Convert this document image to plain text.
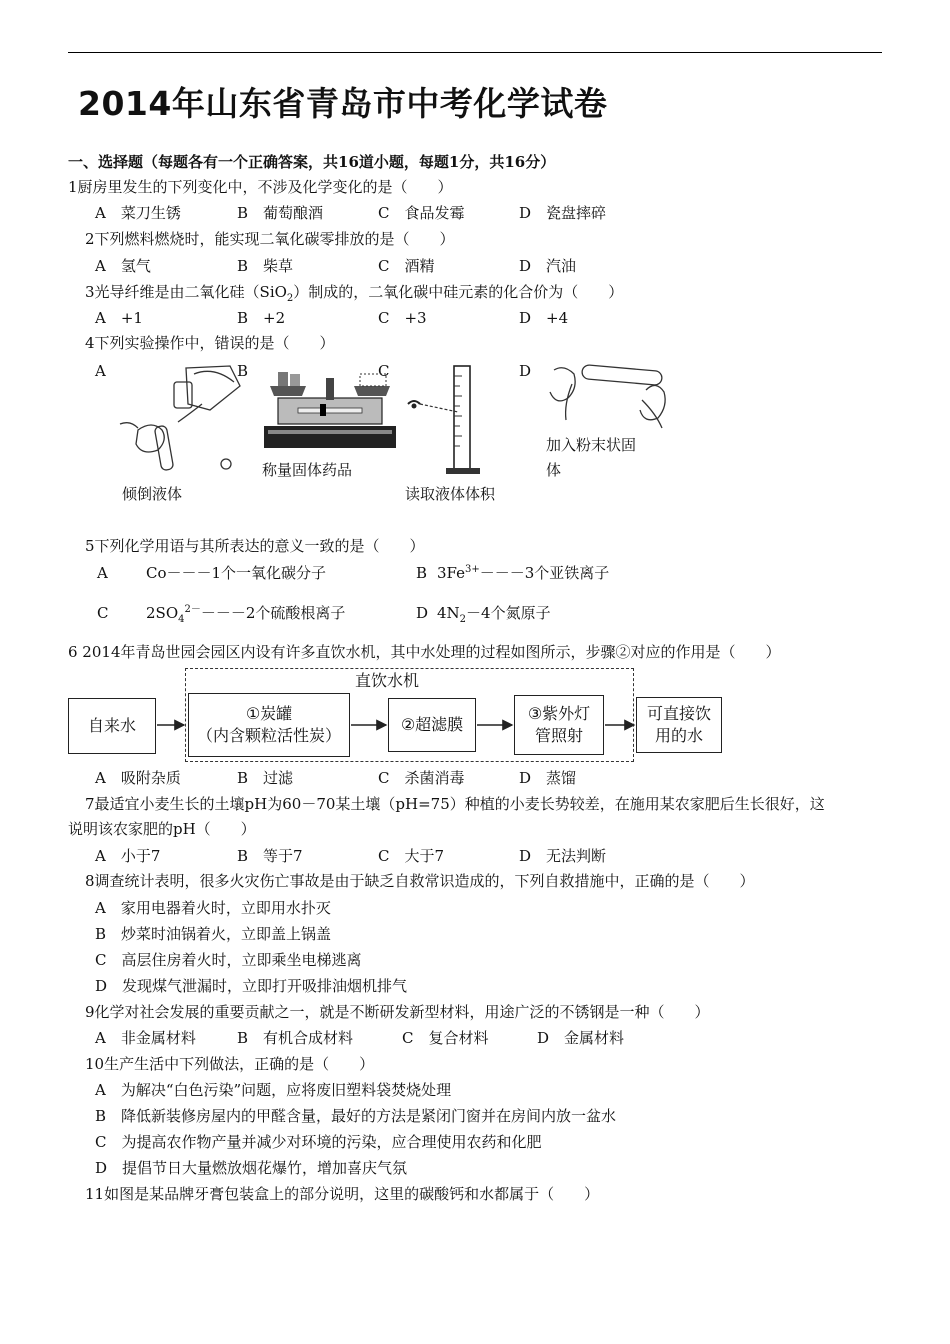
2014年山东省青岛市中考化学试卷
一、选择题（每题各有一个正确答案，共16道小题，每题1分，共16分）
1厨房里发生的下列变化中，不涉及化学变化的是（　　）
A　菜刀生锈	B　葡萄酿酒	C　食品发霉	D　瓷盘摔碎
2下列燃料燃烧时，能实现二氧化碳零排放的是（　　）
A　氢气	B　柴草	C　酒精	D　汽油
3光导纤维是由二氧化硅（SiO$_2$）制成的，二氧化碳中硅元素的化合价为（　　）
A　+1	B　+2	C　+3	D　+4
4下列实验操作中，错误的是（　　）
A	B	C	D
倾倒液体
称量固体药品
读取液体体积
加入粉末状固体
5下列化学用语与其所表达的意义一致的是（　　）
A	Co－－－1个一氧化碳分子	B $3Fe^{3+}---3$个亚铁离子
C	$2SO_4^{2-}---2$个硫酸根离子	D $4N_2-4$个氮原子
6 2014年青岛世园会园区内设有许多直饮水机，其中水处理的过程如图所示，步骤②对应的作用是（　　）
直饮水机
自来水
①炭罐
（内含颗粒活性炭）
②超滤膜
③紫外灯
管照射
可直接饮
用的水
A　吸附杂质	B　过滤	C　杀菌消毒	D　蒸馏
7最适宜小麦生长的土壤pH为60－70某土壤（pH=75）种植的小麦长势较差，在施用某农家肥后生长很好，这
说明该农家肥的pH（　　）
A　小于7	B　等于7	C　大于7	D　无法判断
8调查统计表明，很多火灾伤亡事故是由于缺乏自救常识造成的，下列自救措施中，正确的是（　　）
A　家用电器着火时，立即用水扑灭
B　炒菜时油锅着火，立即盖上锅盖
C　高层住房着火时，立即乘坐电梯逃离
D　发现煤气泄漏时，立即打开吸排油烟机排气
9化学对社会发展的重要贡献之一，就是不断研发新型材料，用途广泛的不锈钢是一种（　　）
A　非金属材料	B　有机合成材料	C　复合材料	D　金属材料
10生产生活中下列做法，正确的是（　　）
A　为解决“白色污染”问题，应将废旧塑料袋焚烧处理
B　降低新装修房屋内的甲醛含量，最好的方法是紧闭门窗并在房间内放一盆水
C　为提高农作物产量并减少对环境的污染，应合理使用农药和化肥
D　提倡节日大量燃放烟花爆竹，增加喜庆气氛
11如图是某品牌牙膏包装盒上的部分说明，这里的碳酸钙和水都属于（　　）
